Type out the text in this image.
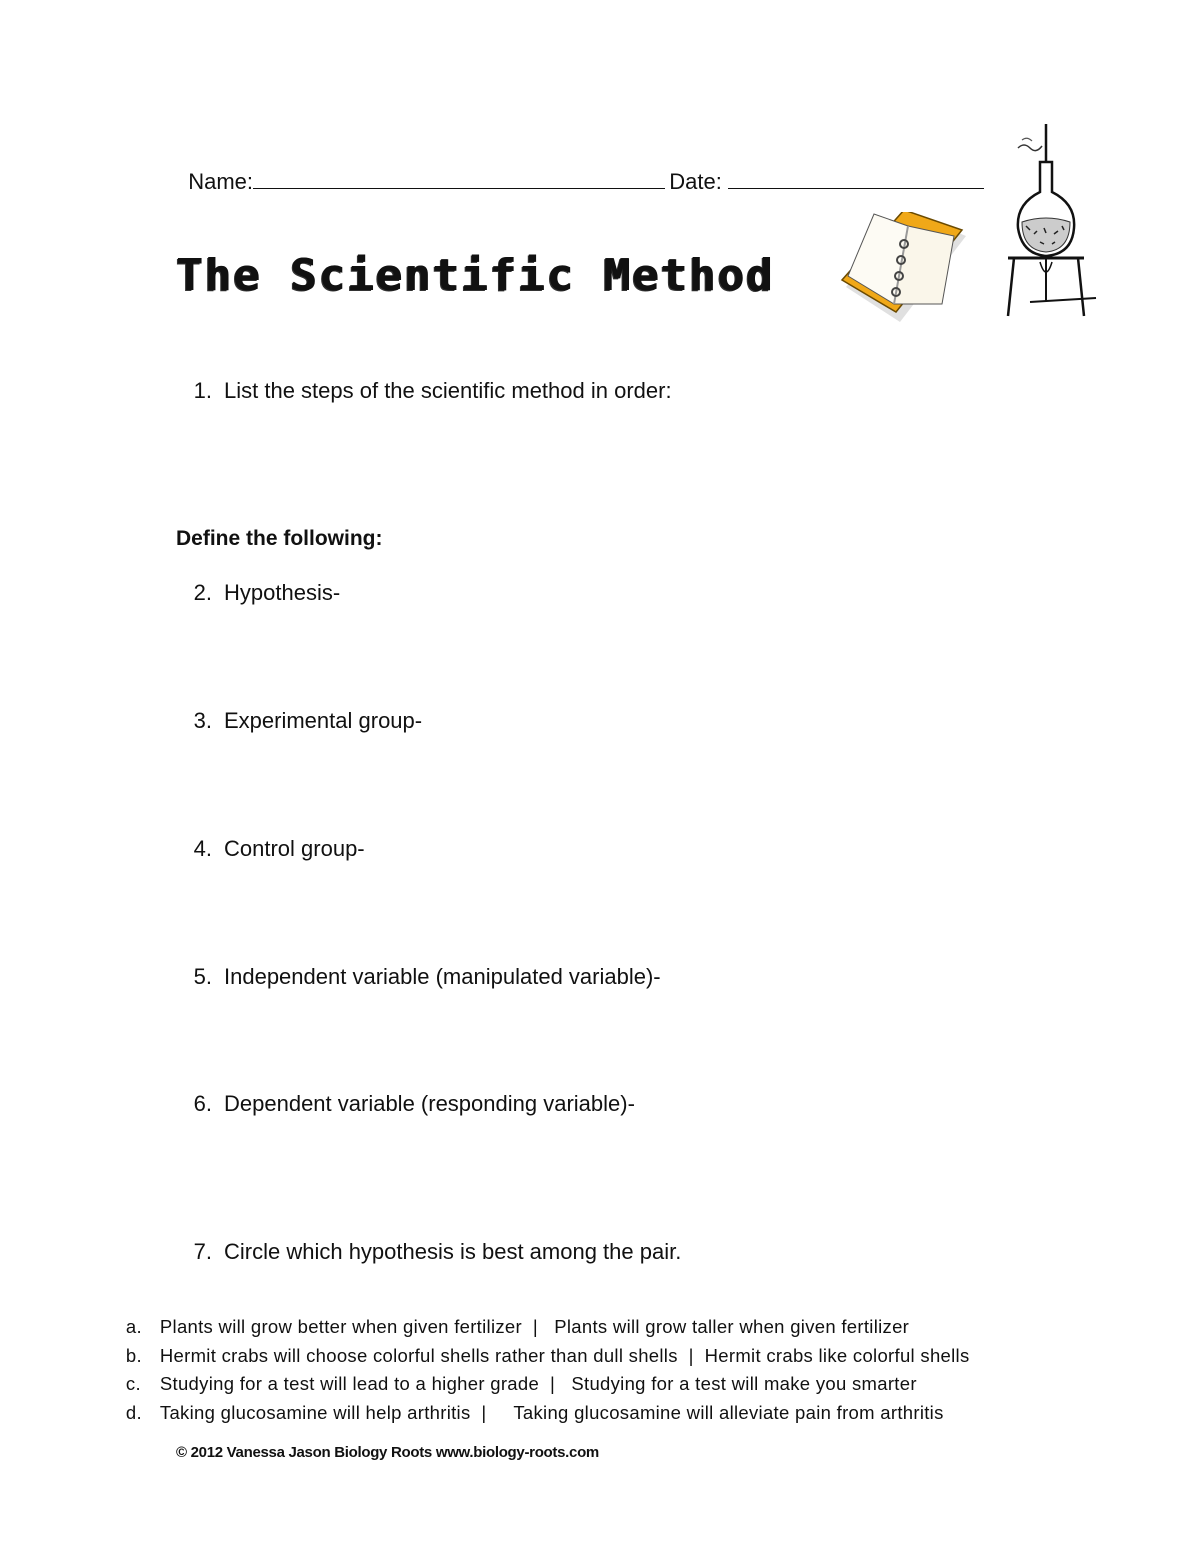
Name:	Date:

The Scientific Method
1. List the steps of the scientific method in order:
Define the following:
2. Hypothesis-
3. Experimental group-
4. Control group-
5. Independent variable (manipulated variable)-
6. Dependent variable (responding variable)-
7. Circle which hypothesis is best among the pair.

a. Plants will grow better when given fertilizer  |   Plants will grow taller when given fertilizer

b. Hermit crabs will choose colorful shells rather than dull shells  |  Hermit crabs like colorful shells

c. Studying for a test will lead to a higher grade  |   Studying for a test will make you smarter

d. Taking glucosamine will help arthritis  |     Taking glucosamine will alleviate pain from arthritis

© 2012 Vanessa Jason Biology Roots www.biology-roots.com
